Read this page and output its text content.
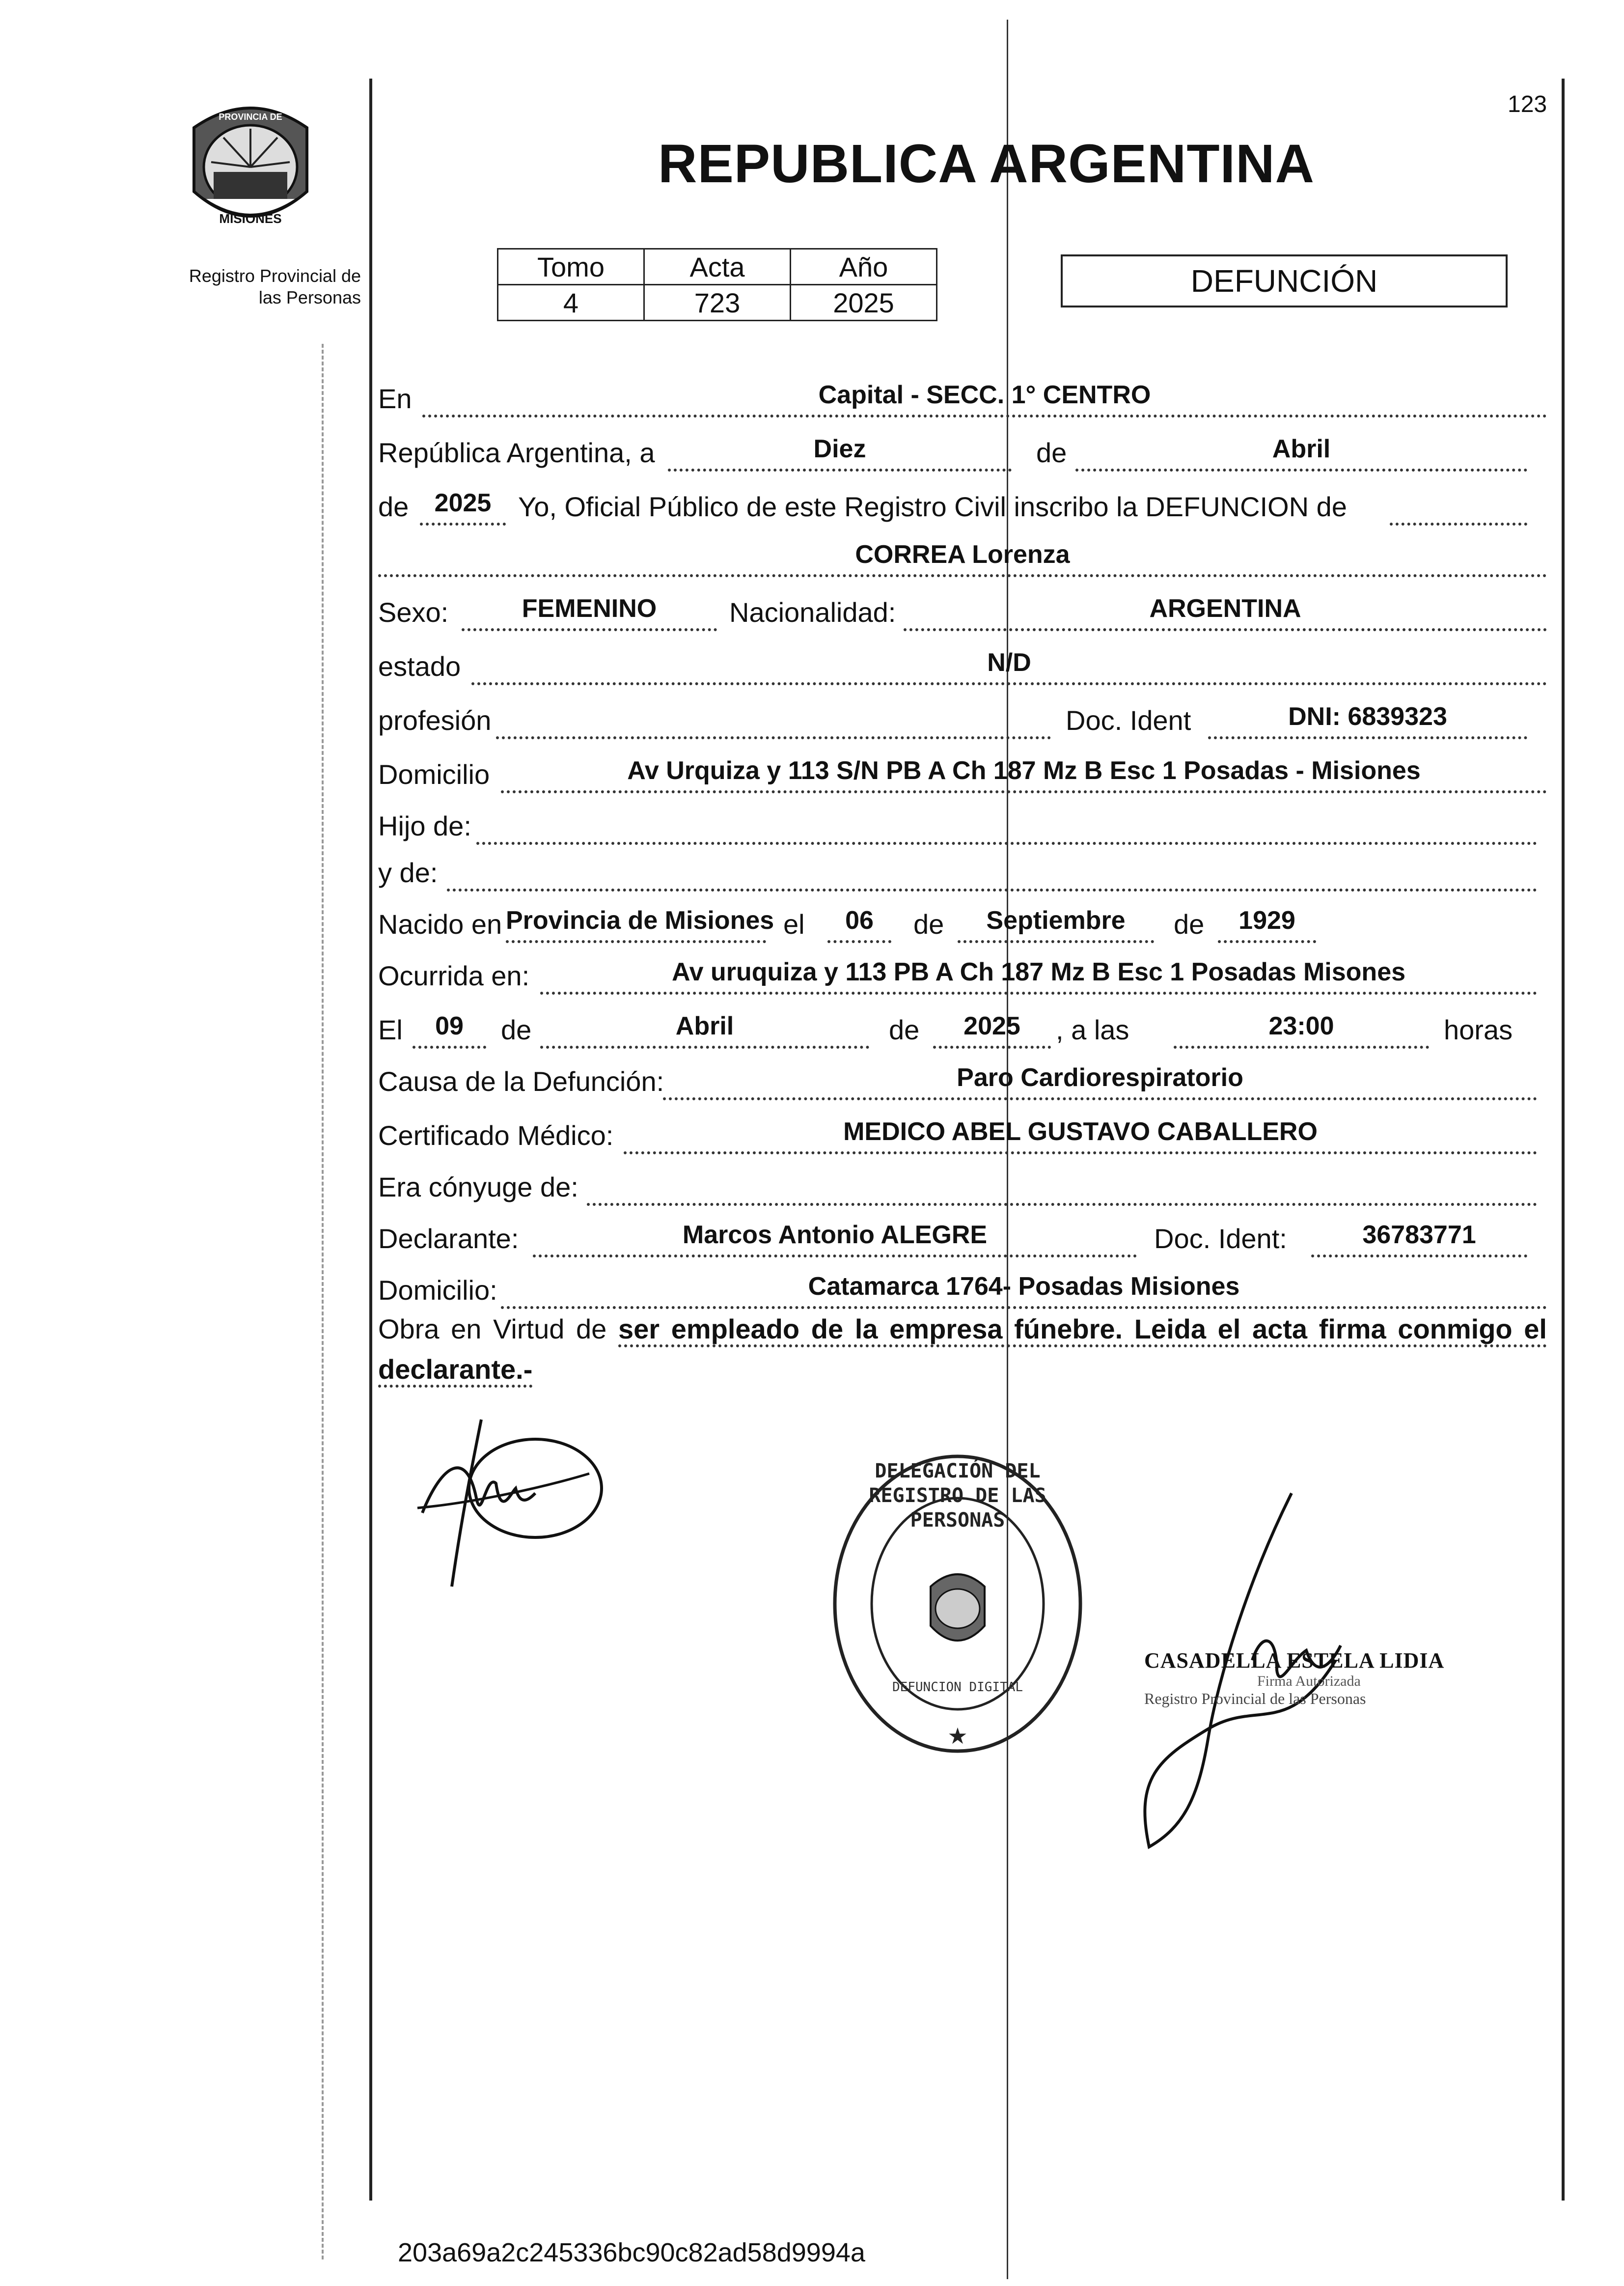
PROVINCIA DE
MISIONES
Registro Provincial de
las Personas
123
REPUBLICA ARGENTINA
Tomo	Acta	Año
4	723	2025
DEFUNCIÓN
En	Capital - SECC. 1° CENTRO
República Argentina, a	Diez	de	Abril
de	2025 Yo, Oficial Público de este Registro Civil inscribo la DEFUNCION de
CORREA Lorenza
Sexo:	FEMENINO	Nacionalidad:	ARGENTINA
estado	N/D
profesión	Doc. Ident	DNI: 6839323
Domicilio	Av Urquiza y 113 S/N PB A Ch 187 Mz B Esc 1 Posadas - Misiones
Hijo de:
y de:
Nacido en Provincia de Misiones el	06	de	Septiembre	de	1929
Ocurrida en:	Av uruquiza y 113 PB A Ch 187 Mz B Esc 1 Posadas Misones
El	09	de	Abril	de	2025	, a las	23:00	horas
Causa de la Defunción:	Paro Cardiorespiratorio
Certificado Médico:	MEDICO ABEL GUSTAVO CABALLERO
Era cónyuge de:
Declarante:	Marcos Antonio ALEGRE	Doc. Ident:	36783771
Domicilio:	Catamarca 1764- Posadas Misiones
Obra en Virtud de ser empleado de la empresa fúnebre. Leida el acta firma conmigo el declarante.-
★
DELEGACIÓN DEL REGISTRO DE LAS PERSONAS
DEFUNCION DIGITAL
CASADELLA ESTELA LIDIA
Firma Autorizada
Registro Provincial de las Personas
203a69a2c245336bc90c82ad58d9994a
